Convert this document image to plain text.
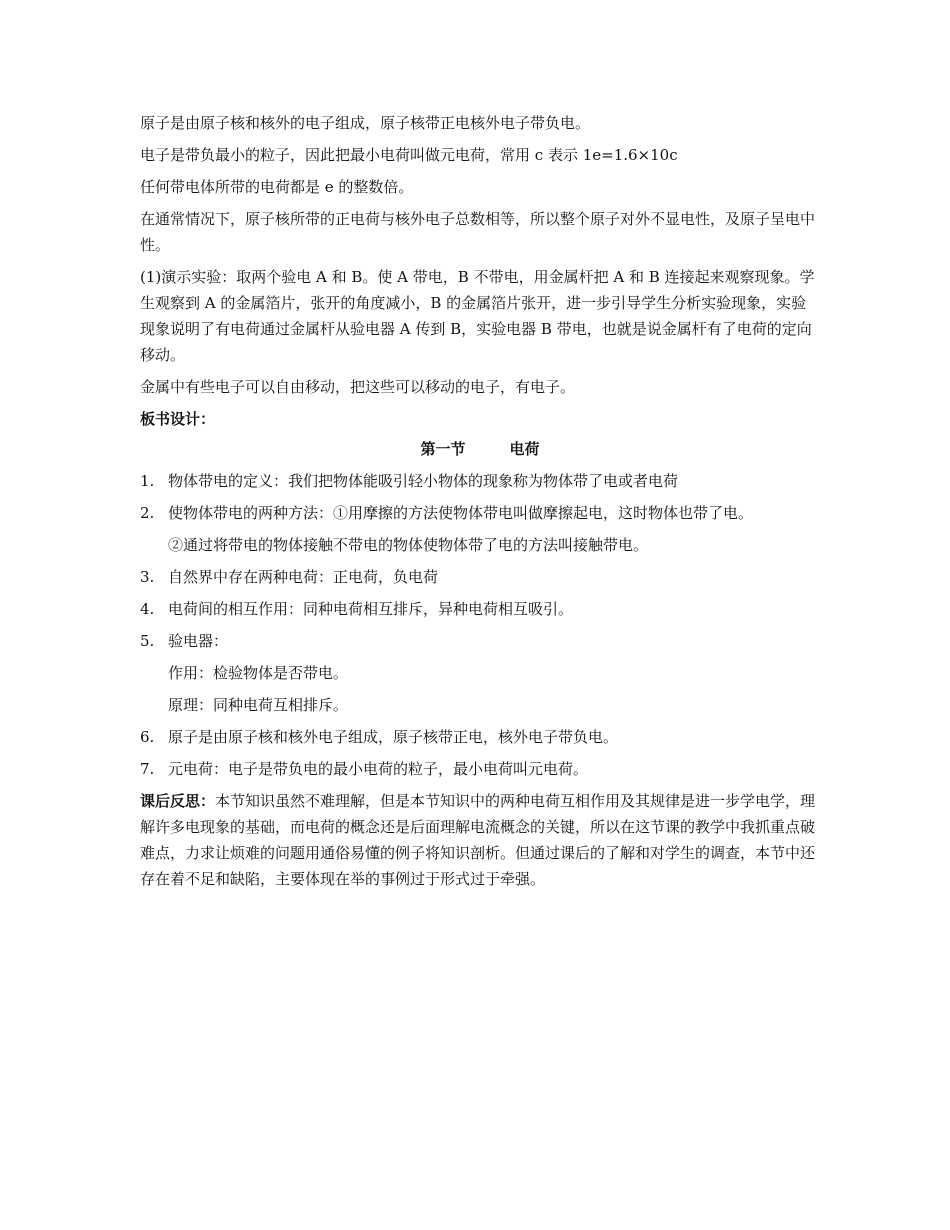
原子是由原子核和核外的电子组成，原子核带正电核外电子带负电。

电子是带负最小的粒子，因此把最小电荷叫做元电荷，常用 c 表示 1e=1.6×10c

任何带电体所带的电荷都是 e 的整数倍。

在通常情况下，原子核所带的正电荷与核外电子总数相等，所以整个原子对外不显电性，及原子呈电中性。

(1)演示实验：取两个验电 A 和 B。使 A 带电，B 不带电，用金属杆把 A 和 B 连接起来观察现象。学生观察到 A 的金属箔片，张开的角度减小，B 的金属箔片张开，进一步引导学生分析实验现象，实验现象说明了有电荷通过金属杆从验电器 A 传到 B，实验电器 B 带电，也就是说金属杆有了电荷的定向移动。

金属中有些电子可以自由移动，把这些可以移动的电子，有电子。

板书设计：

第一节	电荷

1. 物体带电的定义：我们把物体能吸引轻小物体的现象称为物体带了电或者电荷
2. 使物体带电的两种方法：①用摩擦的方法使物体带电叫做摩擦起电，这时物体也带了电。
②通过将带电的物体接触不带电的物体使物体带了电的方法叫接触带电。
3. 自然界中存在两种电荷：正电荷，负电荷
4. 电荷间的相互作用：同种电荷相互排斥，异种电荷相互吸引。
5. 验电器：
作用：检验物体是否带电。
原理：同种电荷互相排斥。
6. 原子是由原子核和核外电子组成，原子核带正电，核外电子带负电。
7. 元电荷：电子是带负电的最小电荷的粒子，最小电荷叫元电荷。

课后反思：本节知识虽然不难理解，但是本节知识中的两种电荷互相作用及其规律是进一步学电学，理解许多电现象的基础，而电荷的概念还是后面理解电流概念的关键，所以在这节课的教学中我抓重点破难点，力求让烦难的问题用通俗易懂的例子将知识剖析。但通过课后的了解和对学生的调查，本节中还存在着不足和缺陷，主要体现在举的事例过于形式过于牵强。
